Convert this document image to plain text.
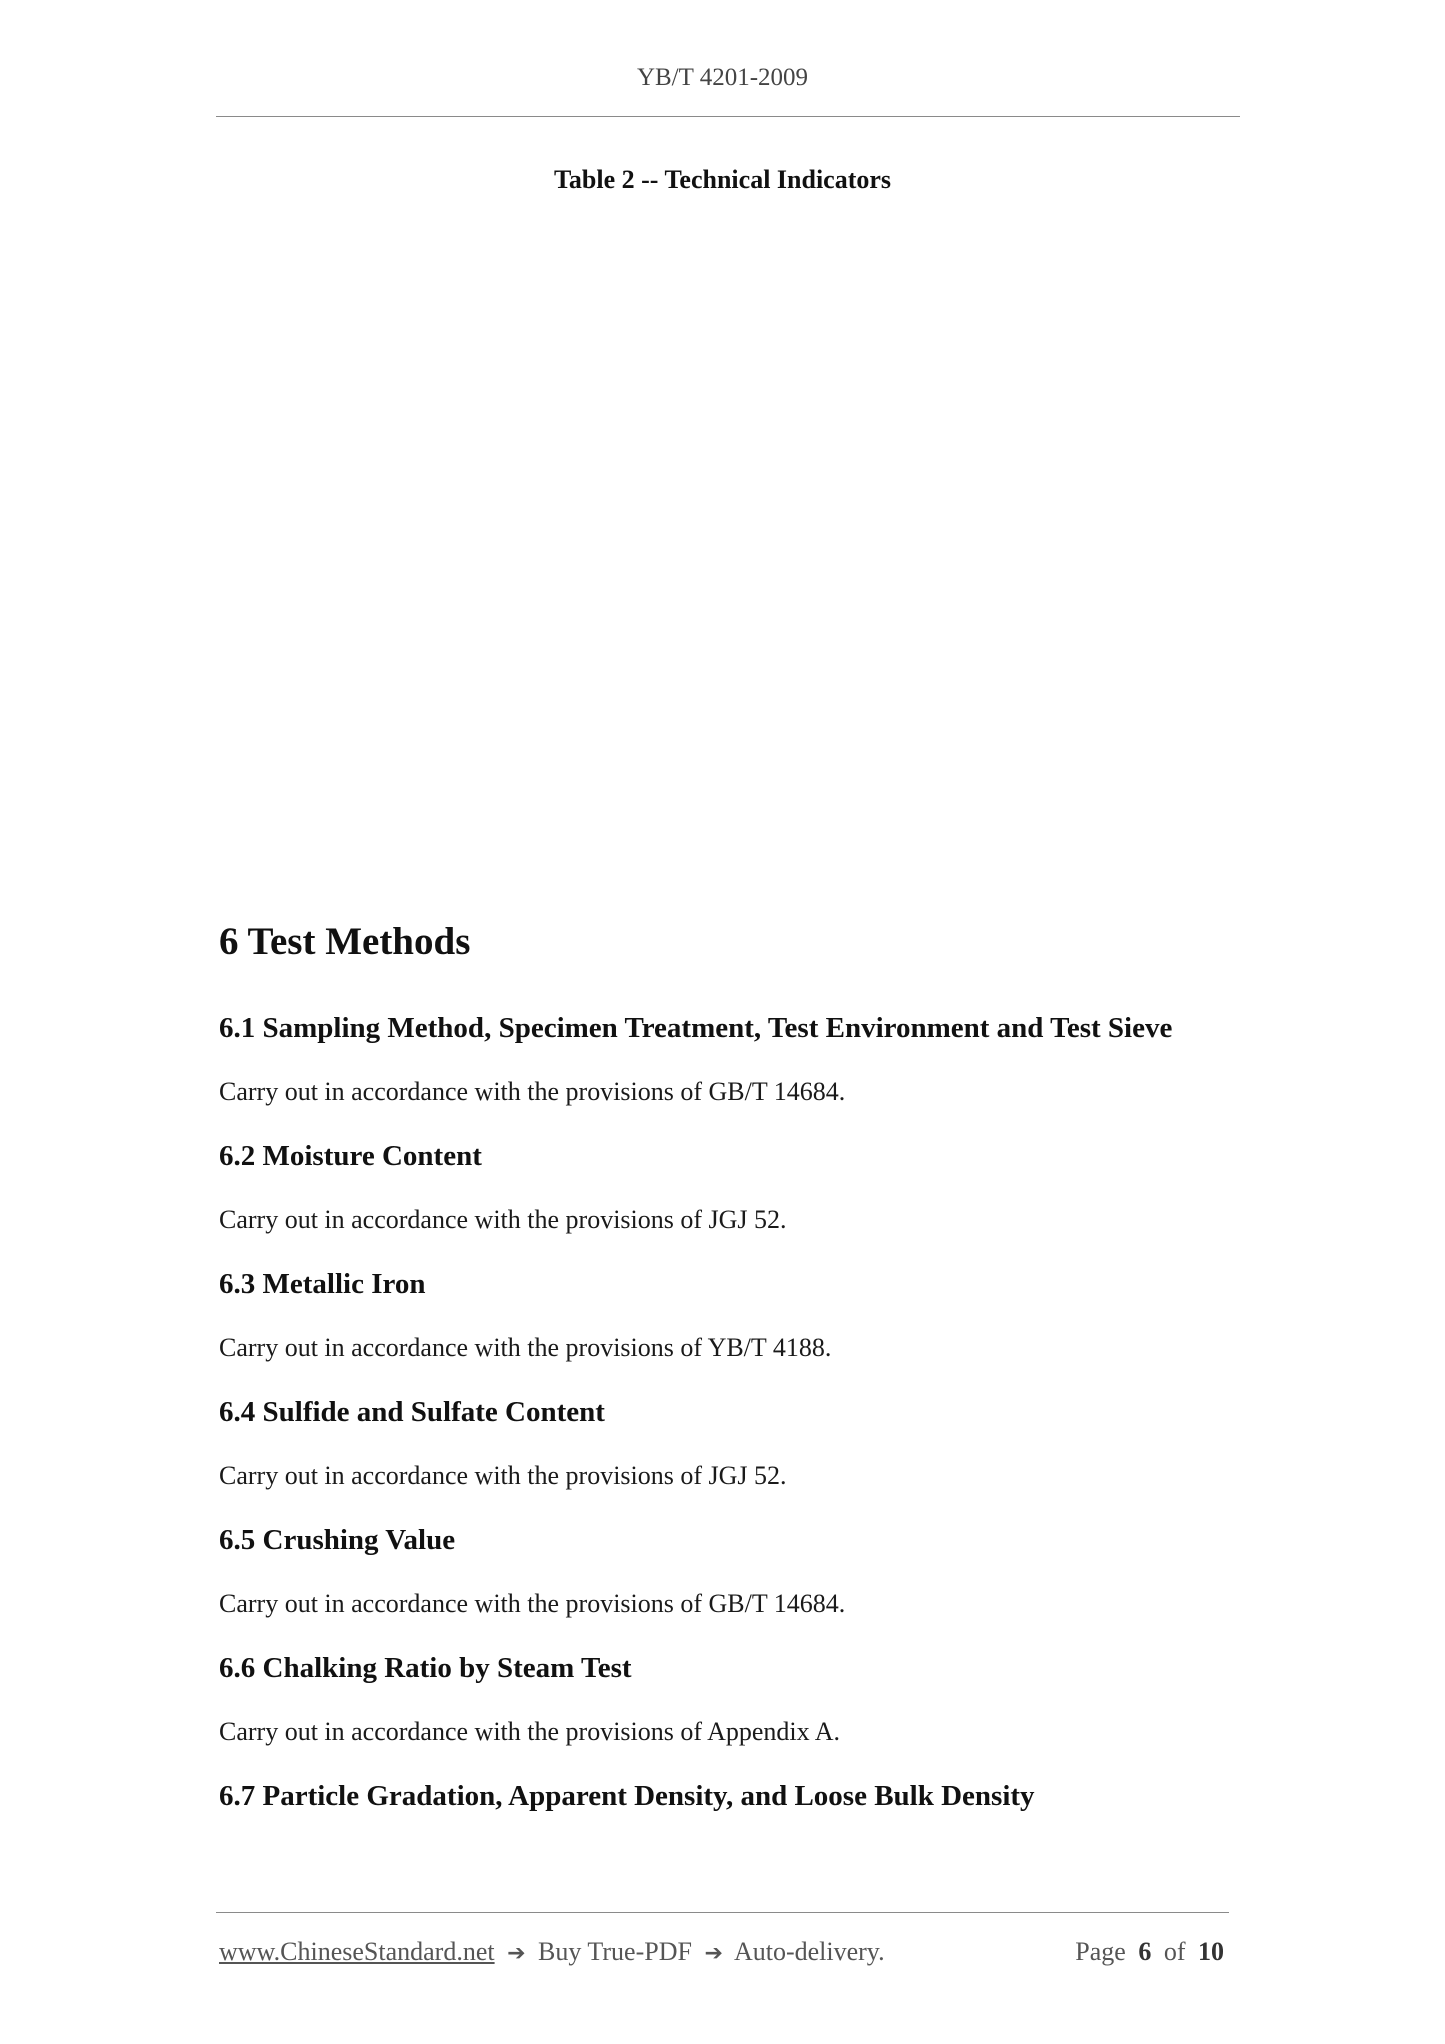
YB/T 4201-2009
Table 2 -- Technical Indicators
6 Test Methods
6.1 Sampling Method, Specimen Treatment, Test Environment and Test Sieve

Carry out in accordance with the provisions of GB/T 14684.

6.2 Moisture Content

Carry out in accordance with the provisions of JGJ 52.

6.3 Metallic Iron

Carry out in accordance with the provisions of YB/T 4188.

6.4 Sulfide and Sulfate Content

Carry out in accordance with the provisions of JGJ 52.

6.5 Crushing Value

Carry out in accordance with the provisions of GB/T 14684.

6.6 Chalking Ratio by Steam Test

Carry out in accordance with the provisions of Appendix A.

6.7 Particle Gradation, Apparent Density, and Loose Bulk Density
www.ChineseStandard.net ➔ Buy True-PDF ➔ Auto-delivery.	Page 6 of 10
